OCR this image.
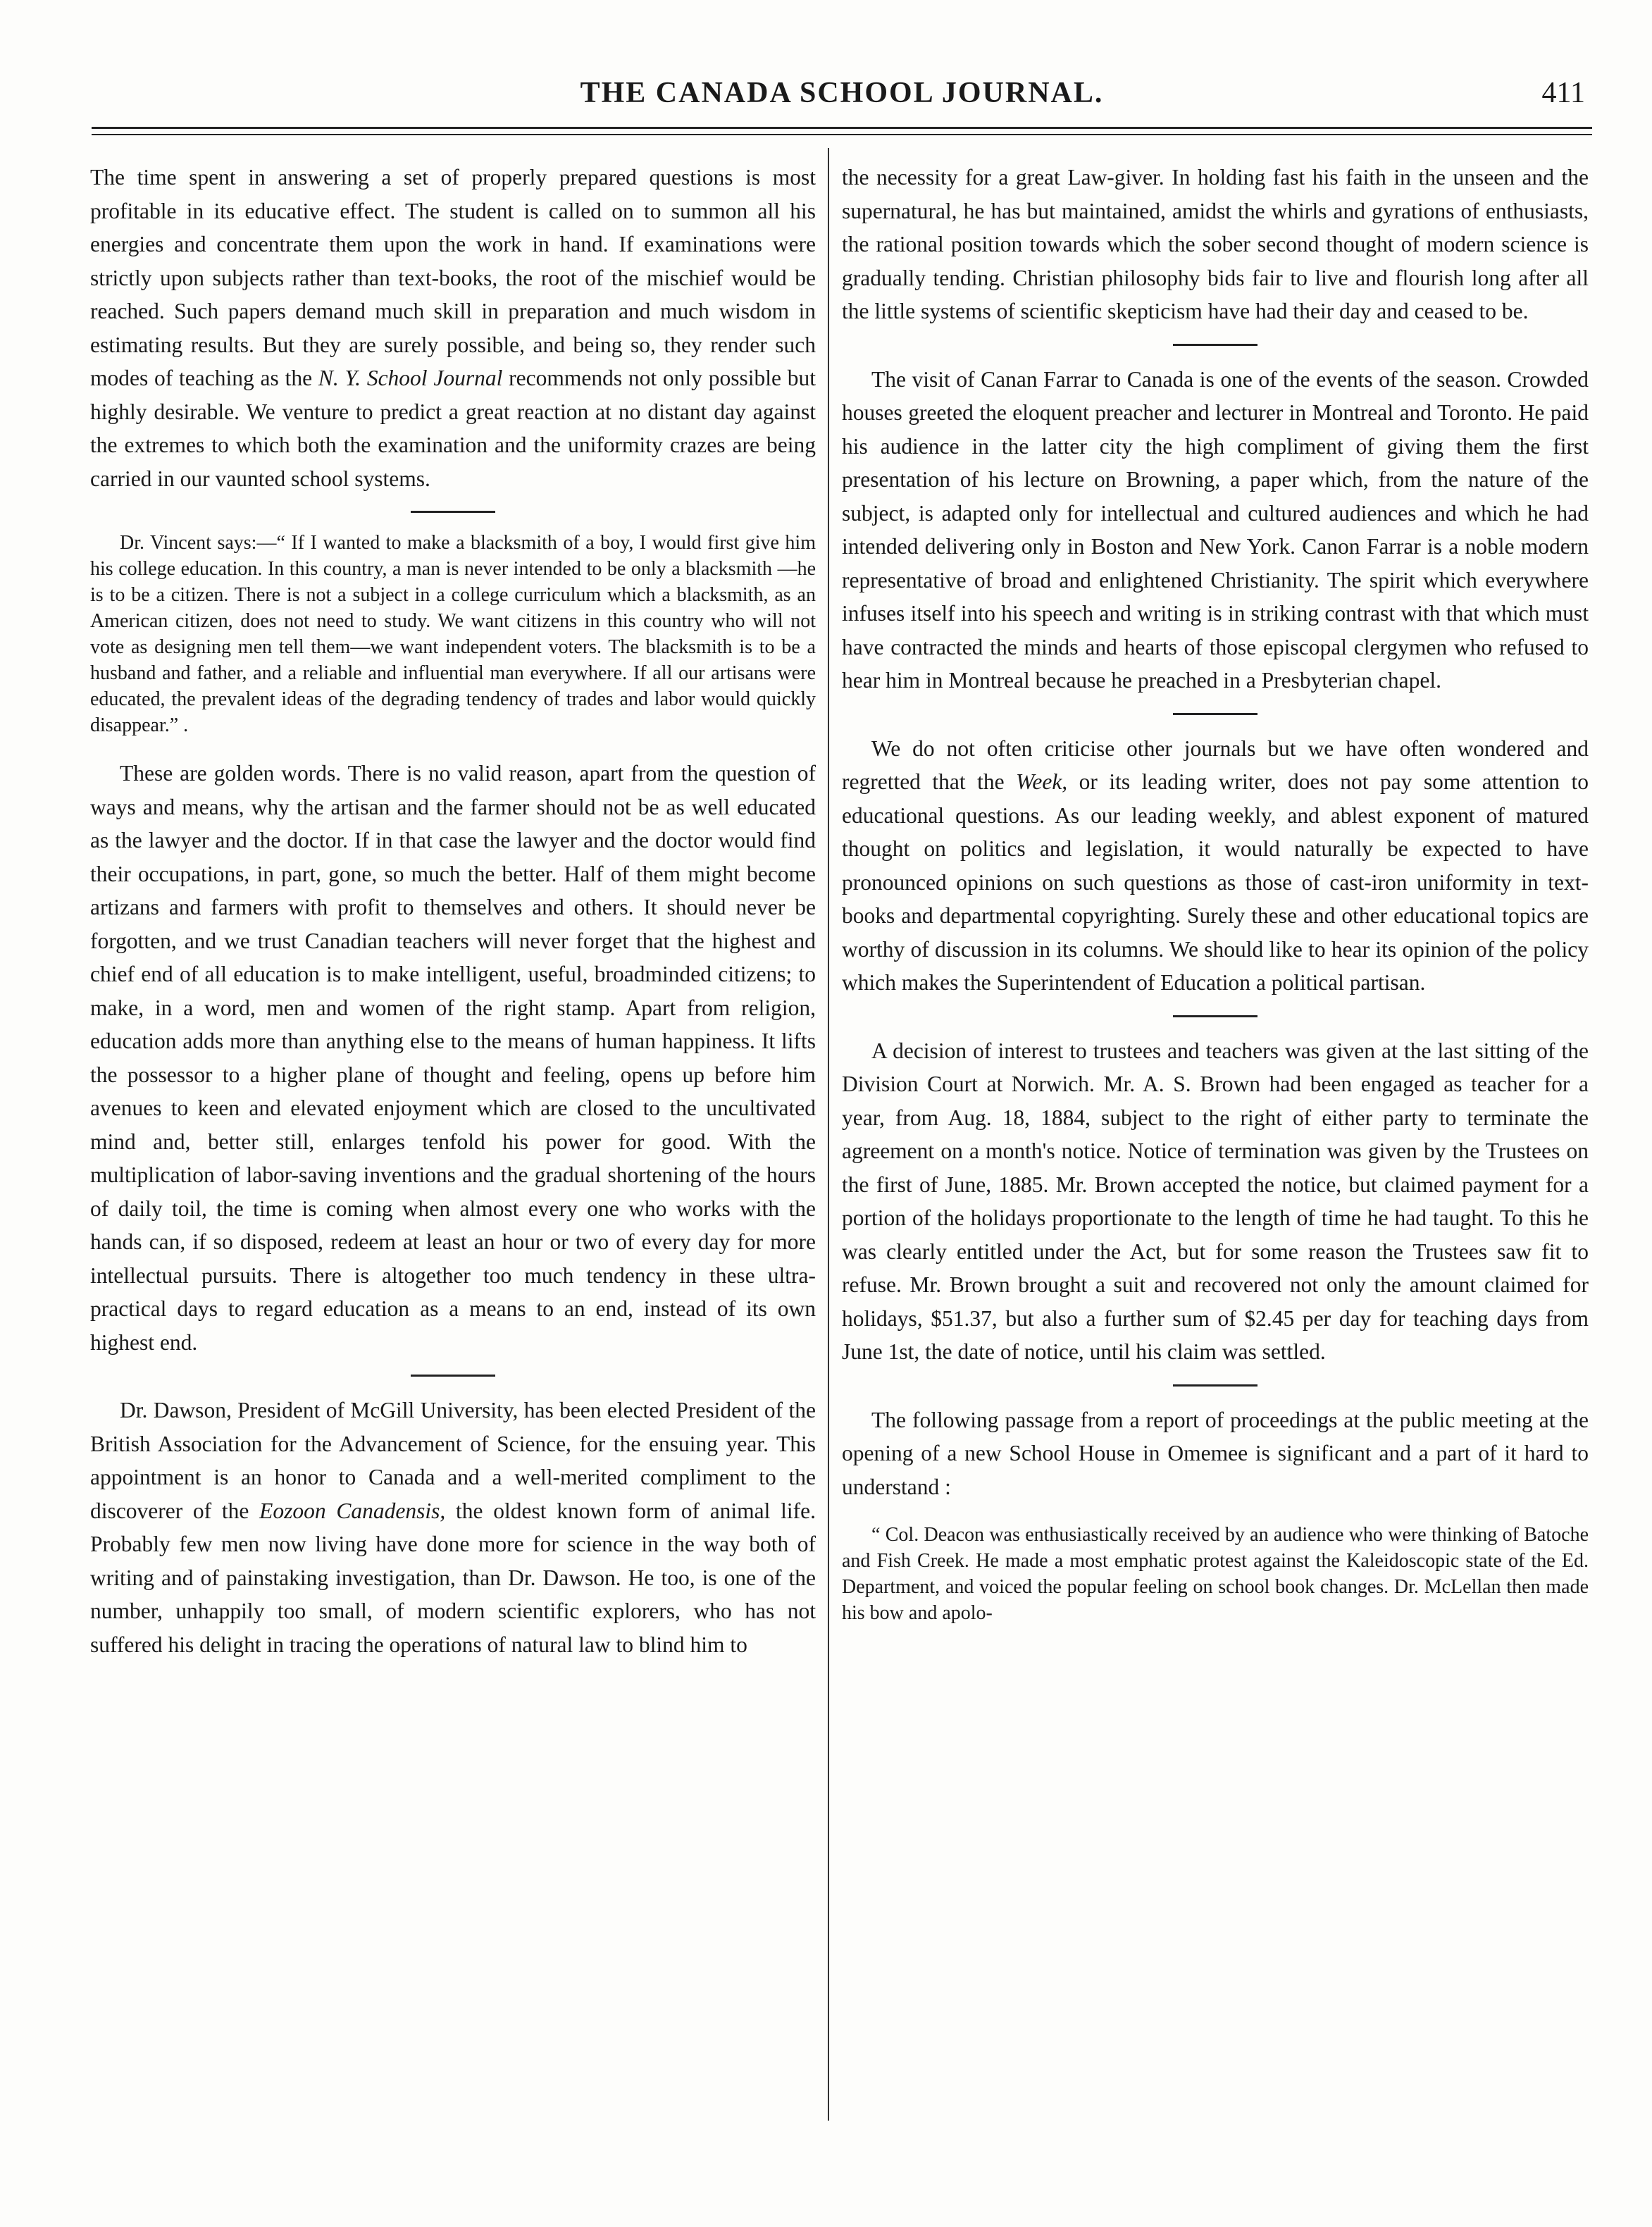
THE CANADA SCHOOL JOURNAL.	411

The time spent in answering a set of properly prepared questions is most profitable in its educative effect. The student is called on to summon all his energies and concentrate them upon the work in hand. If examinations were strictly upon subjects rather than text-books, the root of the mischief would be reached. Such papers demand much skill in preparation and much wisdom in estimating results. But they are surely possible, and being so, they render such modes of teaching as the N. Y. School Journal recommends not only possible but highly desirable. We venture to predict a great reaction at no distant day against the extremes to which both the examination and the uniformity crazes are being carried in our vaunted school systems.

Dr. Vincent says:—“ If I wanted to make a blacksmith of a boy, I would first give him his college education. In this country, a man is never intended to be only a blacksmith —he is to be a citizen. There is not a subject in a college curriculum which a blacksmith, as an American citizen, does not need to study. We want citizens in this country who will not vote as designing men tell them—we want independent voters. The blacksmith is to be a husband and father, and a reliable and influential man everywhere. If all our artisans were educated, the prevalent ideas of the degrading tendency of trades and labor would quickly disappear.” .

These are golden words. There is no valid reason, apart from the question of ways and means, why the artisan and the farmer should not be as well educated as the lawyer and the doctor. If in that case the lawyer and the doctor would find their occupations, in part, gone, so much the better. Half of them might become artizans and farmers with profit to themselves and others. It should never be forgotten, and we trust Canadian teachers will never forget that the highest and chief end of all education is to make intelligent, useful, broadminded citizens; to make, in a word, men and women of the right stamp. Apart from religion, education adds more than anything else to the means of human happiness. It lifts the possessor to a higher plane of thought and feeling, opens up before him avenues to keen and elevated enjoyment which are closed to the uncultivated mind and, better still, enlarges tenfold his power for good. With the multiplication of labor-saving inventions and the gradual shortening of the hours of daily toil, the time is coming when almost every one who works with the hands can, if so disposed, redeem at least an hour or two of every day for more intellectual pursuits. There is altogether too much tendency in these ultra-practical days to regard education as a means to an end, instead of its own highest end.

Dr. Dawson, President of McGill University, has been elected President of the British Association for the Advancement of Science, for the ensuing year. This appointment is an honor to Canada and a well-merited compliment to the discoverer of the Eozoon Canadensis, the oldest known form of animal life. Probably few men now living have done more for science in the way both of writing and of painstaking investigation, than Dr. Dawson. He too, is one of the number, unhappily too small, of modern scientific explorers, who has not suffered his delight in tracing the operations of natural law to blind him to

the necessity for a great Law-giver. In holding fast his faith in the unseen and the supernatural, he has but maintained, amidst the whirls and gyrations of enthusiasts, the rational position towards which the sober second thought of modern science is gradually tending. Christian philosophy bids fair to live and flourish long after all the little systems of scientific skepticism have had their day and ceased to be.

The visit of Canan Farrar to Canada is one of the events of the season. Crowded houses greeted the eloquent preacher and lecturer in Montreal and Toronto. He paid his audience in the latter city the high compliment of giving them the first presentation of his lecture on Browning, a paper which, from the nature of the subject, is adapted only for intellectual and cultured audiences and which he had intended delivering only in Boston and New York. Canon Farrar is a noble modern representative of broad and enlightened Christianity. The spirit which everywhere infuses itself into his speech and writing is in striking contrast with that which must have contracted the minds and hearts of those episcopal clergymen who refused to hear him in Montreal because he preached in a Presbyterian chapel.

We do not often criticise other journals but we have often wondered and regretted that the Week, or its leading writer, does not pay some attention to educational questions. As our leading weekly, and ablest exponent of matured thought on politics and legislation, it would naturally be expected to have pronounced opinions on such questions as those of cast-iron uniformity in text-books and departmental copyrighting. Surely these and other educational topics are worthy of discussion in its columns. We should like to hear its opinion of the policy which makes the Superintendent of Education a political partisan.

A decision of interest to trustees and teachers was given at the last sitting of the Division Court at Norwich. Mr. A. S. Brown had been engaged as teacher for a year, from Aug. 18, 1884, subject to the right of either party to terminate the agreement on a month's notice. Notice of termination was given by the Trustees on the first of June, 1885. Mr. Brown accepted the notice, but claimed payment for a portion of the holidays proportionate to the length of time he had taught. To this he was clearly entitled under the Act, but for some reason the Trustees saw fit to refuse. Mr. Brown brought a suit and recovered not only the amount claimed for holidays, $51.37, but also a further sum of $2.45 per day for teaching days from June 1st, the date of notice, until his claim was settled.

The following passage from a report of proceedings at the public meeting at the opening of a new School House in Omemee is significant and a part of it hard to understand :

“ Col. Deacon was enthusiastically received by an audience who were thinking of Batoche and Fish Creek. He made a most emphatic protest against the Kaleidoscopic state of the Ed. Department, and voiced the popular feeling on school book changes. Dr. McLellan then made his bow and apolo-
